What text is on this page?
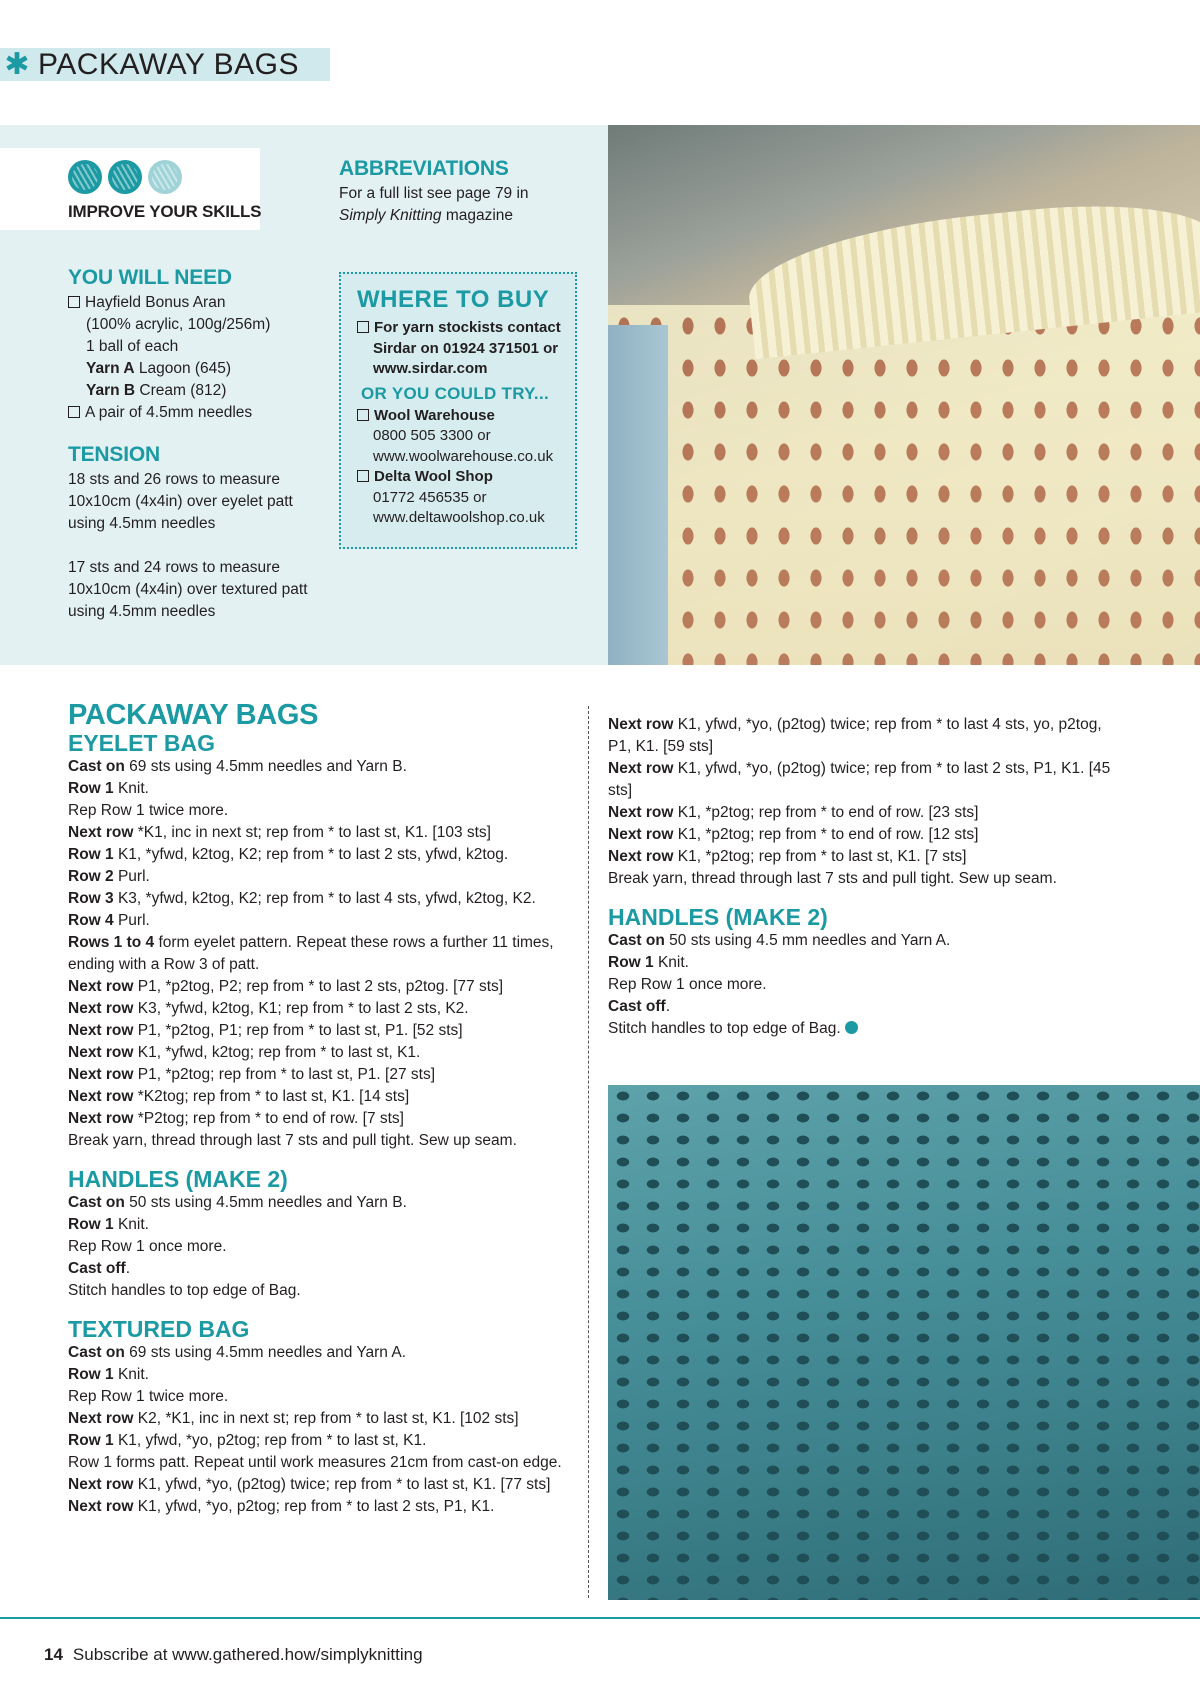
✱ PACKAWAY BAGS
IMPROVE YOUR SKILLS
YOU WILL NEED
Hayfield Bonus Aran
(100% acrylic, 100g/256m)
1 ball of each
Yarn A Lagoon (645)
Yarn B Cream (812)
A pair of 4.5mm needles
TENSION
18 sts and 26 rows to measure
10x10cm (4x4in) over eyelet patt
using 4.5mm needles
17 sts and 24 rows to measure
10x10cm (4x4in) over textured patt
using 4.5mm needles
ABBREVIATIONS
For a full list see page 79 in
Simply Knitting magazine
WHERE TO BUY
For yarn stockists contact
Sirdar on 01924 371501 or
www.sirdar.com
OR YOU COULD TRY...
Wool Warehouse
0800 505 3300 or
www.woolwarehouse.co.uk
Delta Wool Shop
01772 456535 or
www.deltawoolshop.co.uk
PACKAWAY BAGS
EYELET BAG
Cast on 69 sts using 4.5mm needles and Yarn B.
Row 1 Knit.
Rep Row 1 twice more.
Next row *K1, inc in next st; rep from * to last st, K1. [103 sts]
Row 1 K1, *yfwd, k2tog, K2; rep from * to last 2 sts, yfwd, k2tog.
Row 2 Purl.
Row 3 K3, *yfwd, k2tog, K2; rep from * to last 4 sts, yfwd, k2tog, K2.
Row 4 Purl.
Rows 1 to 4 form eyelet pattern. Repeat these rows a further 11 times, ending with a Row 3 of patt.
Next row P1, *p2tog, P2; rep from * to last 2 sts, p2tog. [77 sts]
Next row K3, *yfwd, k2tog, K1; rep from * to last 2 sts, K2.
Next row P1, *p2tog, P1; rep from * to last st, P1. [52 sts]
Next row K1, *yfwd, k2tog; rep from * to last st, K1.
Next row P1, *p2tog; rep from * to last st, P1. [27 sts]
Next row *K2tog; rep from * to last st, K1. [14 sts]
Next row *P2tog; rep from * to end of row. [7 sts]
Break yarn, thread through last 7 sts and pull tight. Sew up seam.
HANDLES (MAKE 2)
Cast on 50 sts using 4.5mm needles and Yarn B.
Row 1 Knit.
Rep Row 1 once more.
Cast off.
Stitch handles to top edge of Bag.
TEXTURED BAG
Cast on 69 sts using 4.5mm needles and Yarn A.
Row 1 Knit.
Rep Row 1 twice more.
Next row K2, *K1, inc in next st; rep from * to last st, K1. [102 sts]
Row 1 K1, yfwd, *yo, p2tog; rep from * to last st, K1.
Row 1 forms patt. Repeat until work measures 21cm from cast-on edge.
Next row K1, yfwd, *yo, (p2tog) twice; rep from * to last st, K1. [77 sts]
Next row K1, yfwd, *yo, p2tog; rep from * to last 2 sts, P1, K1.
Next row K1, yfwd, *yo, (p2tog) twice; rep from * to last 4 sts, yo, p2tog, P1, K1. [59 sts]
Next row K1, yfwd, *yo, (p2tog) twice; rep from * to last 2 sts, P1, K1. [45 sts]
Next row K1, *p2tog; rep from * to end of row. [23 sts]
Next row K1, *p2tog; rep from * to end of row. [12 sts]
Next row K1, *p2tog; rep from * to last st, K1. [7 sts]
Break yarn, thread through last 7 sts and pull tight. Sew up seam.
HANDLES (MAKE 2)
Cast on 50 sts using 4.5 mm needles and Yarn A.
Row 1 Knit.
Rep Row 1 once more.
Cast off.
Stitch handles to top edge of Bag.
14 Subscribe at www.gathered.how/simplyknitting
